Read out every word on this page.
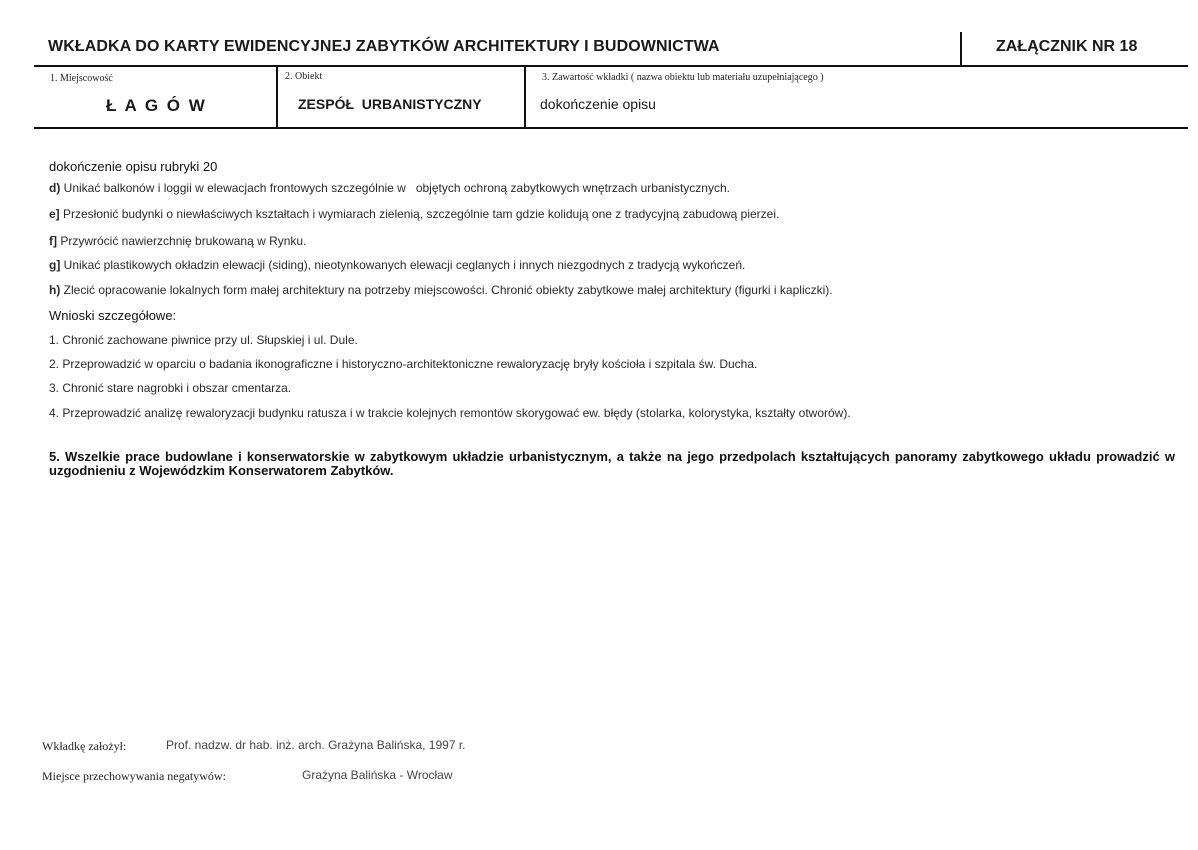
WKŁADKA DO KARTY EWIDENCYJNEJ ZABYTKÓW ARCHITEKTURY I BUDOWNICTWA	ZAŁĄCZNIK NR 18
1. Miejscowość
Ł A G Ó W
2. Obiekt
ZESPÓŁ  URBANISTYCZNY
3. Zawartość wkładki ( nazwa obiektu lub materiału uzupełniającego )
dokończenie opisu
dokończenie opisu rubryki 20
d) Unikać balkonów i loggii w elewacjach frontowych szczególnie w   objętych ochroną zabytkowych wnętrzach urbanistycznych.
e] Przesłonić budynki o niewłaściwych kształtach i wymiarach zielenią, szczególnie tam gdzie kolidują one z tradycyjną zabudową pierzei.
f] Przywrócić nawierzchnię brukowaną w Rynku.
g] Unikać plastikowych okładzin elewacji (siding), nieotynkowanych elewacji ceglanych i innych niezgodnych z tradycją wykończeń.
h) Zlecić opracowanie lokalnych form małej architektury na potrzeby miejscowości. Chronić obiekty zabytkowe małej architektury (figurki i kapliczki).
Wnioski szczegółowe:
1. Chronić zachowane piwnice przy ul. Słupskiej i ul. Dule.
2. Przeprowadzić w oparciu o badania ikonograficzne i historyczno-architektoniczne rewaloryzację bryły kościoła i szpitala św. Ducha.
3. Chronić stare nagrobki i obszar cmentarza.
4. Przeprowadzić analizę rewaloryzacji budynku ratusza i w trakcie kolejnych remontów skorygować ew. błędy (stolarka, kolorystyka, kształty otworów).
5. Wszelkie prace budowlane i konserwatorskie w zabytkowym układzie urbanistycznym, a także na jego przedpolach kształtujących panoramy zabytkowego układu prowadzić w uzgodnieniu z Wojewódzkim Konserwatorem Zabytków.
Wkładkę założył:	Prof. nadzw. dr hab. inż. arch. Grażyna Balińska, 1997 r.
Miejsce przechowywania negatywów:	Grażyna Balińska - Wrocław
